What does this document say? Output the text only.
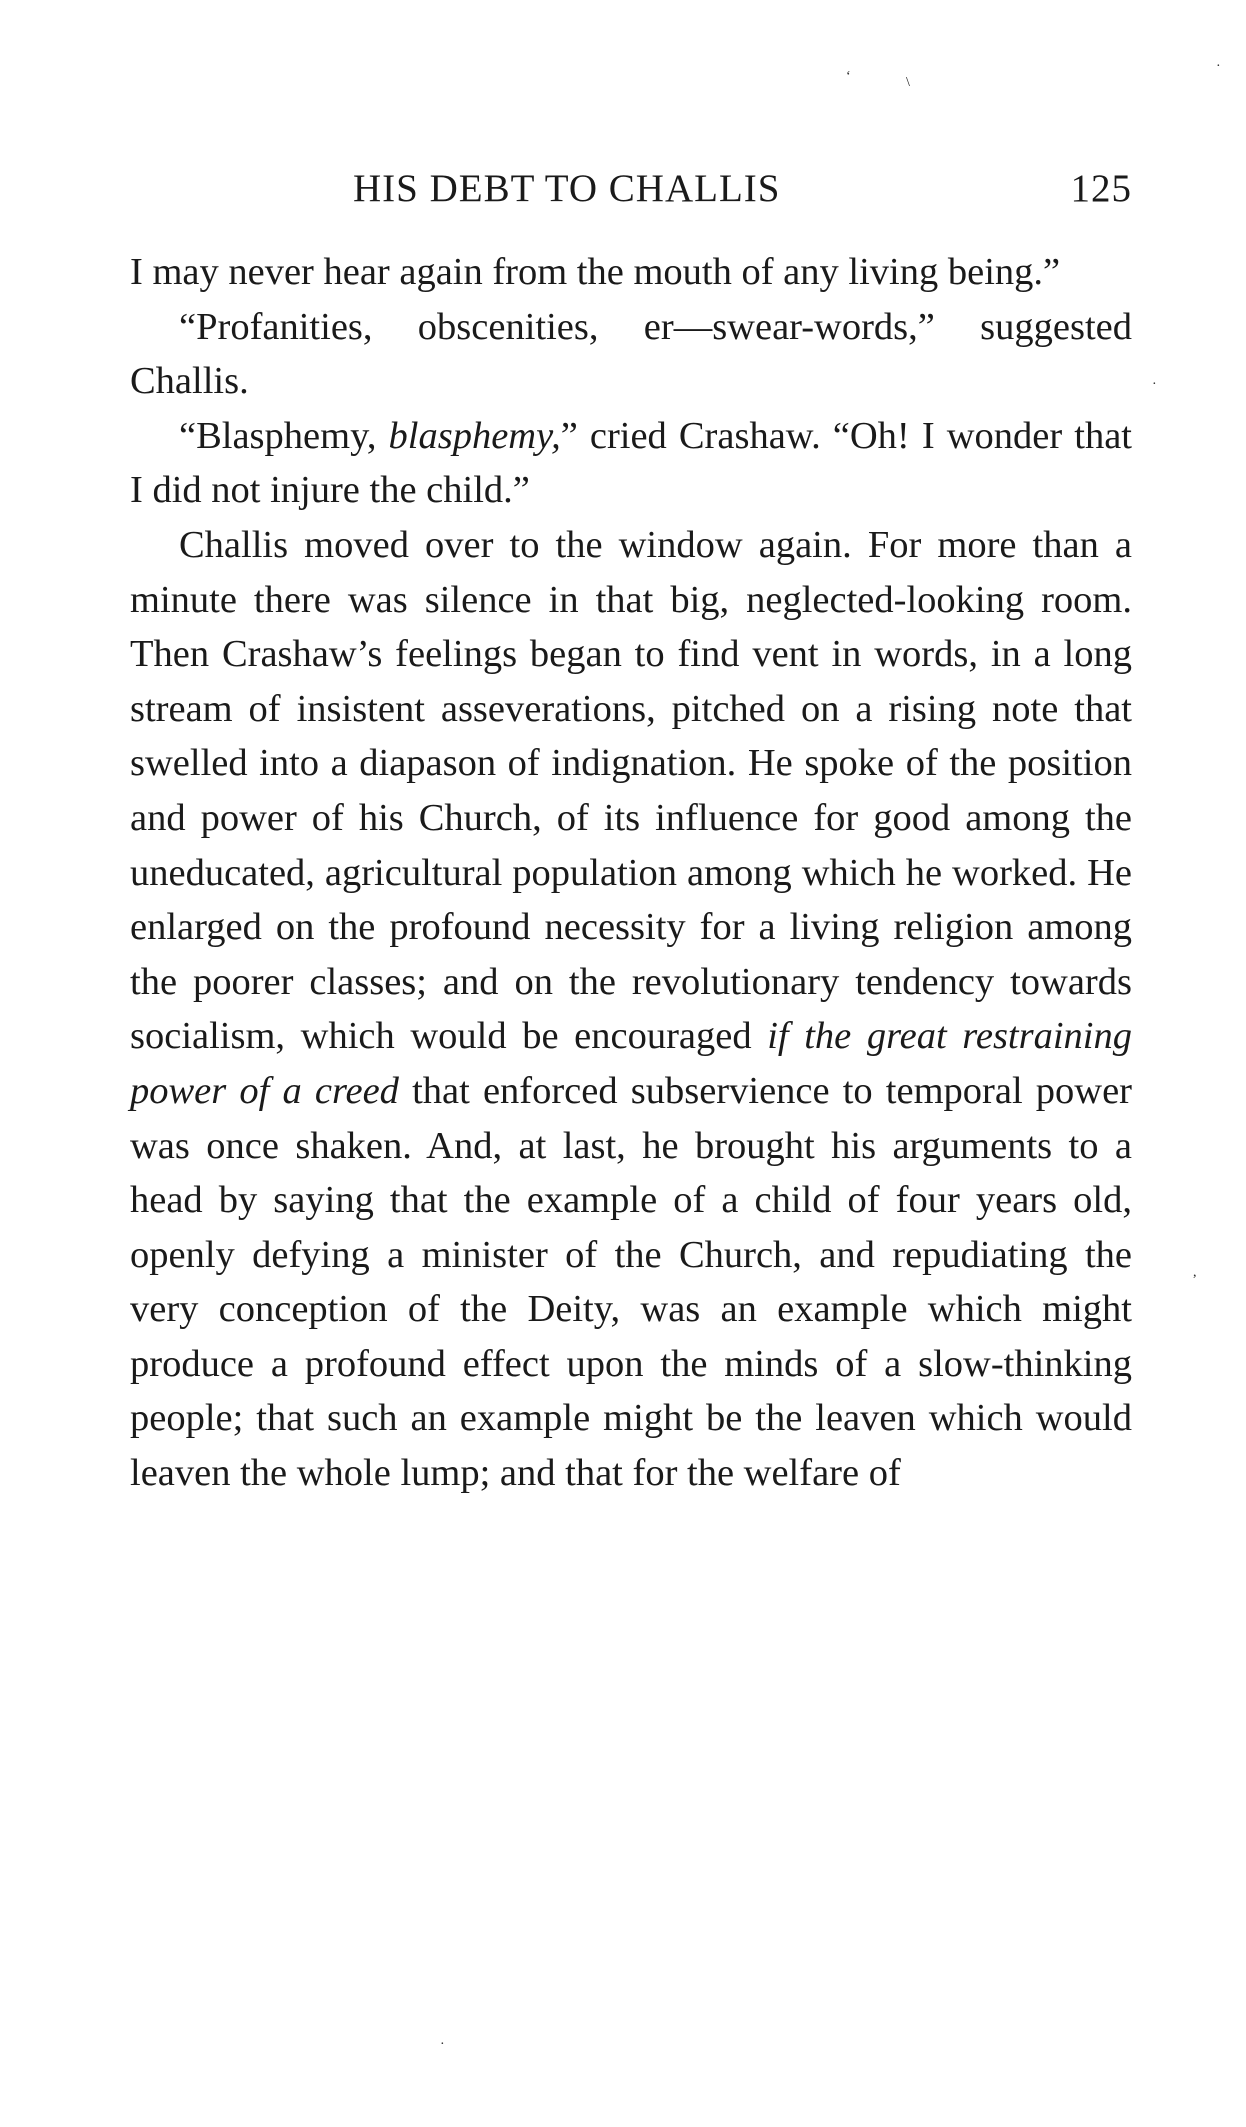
‘	\
·
·
,
·
HIS DEBT TO CHALLIS	125

I may never hear again from the mouth of any living being.”

“Profanities, obscenities, er—swear-words,” suggested Challis.

“Blasphemy, blasphemy,” cried Crashaw. “Oh! I wonder that I did not injure the child.”

Challis moved over to the window again. For more than a minute there was silence in that big, neglected-looking room. Then Crashaw’s feelings began to find vent in words, in a long stream of insistent asseverations, pitched on a rising note that swelled into a diapason of indignation. He spoke of the position and power of his Church, of its influence for good among the uneducated, agricultural population among which he worked. He enlarged on the profound necessity for a living religion among the poorer classes; and on the revolutionary tendency towards socialism, which would be encouraged if the great restraining power of a creed that enforced subservience to temporal power was once shaken. And, at last, he brought his arguments to a head by saying that the example of a child of four years old, openly defying a minister of the Church, and repudiating the very conception of the Deity, was an example which might produce a profound effect upon the minds of a slow-thinking people; that such an example might be the leaven which would leaven the whole lump; and that for the welfare of
